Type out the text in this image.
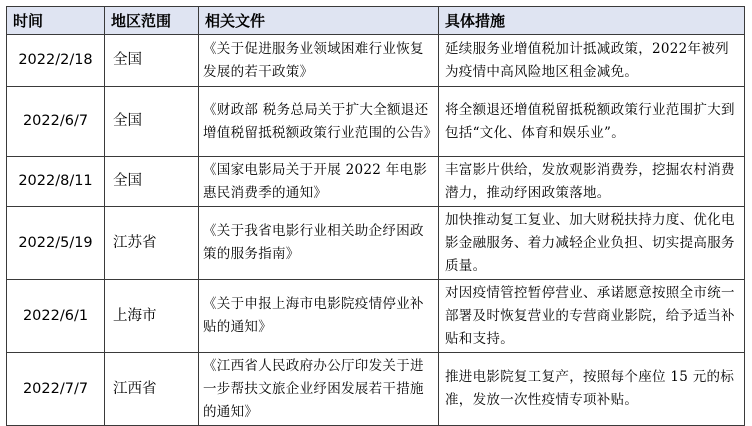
时间	地区范围	相关文件	具体措施
2022/2/18	全国	《关于促进服务业领域困难行业恢复发展的若干政策》	延续服务业增值税加计抵减政策，2022年被列为疫情中高风险地区租金减免。
2022/6/7	全国	《财政部 税务总局关于扩大全额退还增值税留抵税额政策行业范围的公告》	将全额退还增值税留抵税额政策行业范围扩大到包括“文化、体育和娱乐业”。
2022/8/11	全国	《国家电影局关于开展 2022 年电影惠民消费季的通知》	丰富影片供给，发放观影消费券，挖掘农村消费潜力，推动纾困政策落地。
2022/5/19	江苏省	《关于我省电影行业相关助企纾困政策的服务指南》	加快推动复工复业、加大财税扶持力度、优化电影金融服务、着力减轻企业负担、切实提高服务质量。
2022/6/1	上海市	《关于申报上海市电影院疫情停业补贴的通知》	对因疫情管控暂停营业、承诺愿意按照全市统一部署及时恢复营业的专营商业影院，给予适当补贴和支持。
2022/7/7	江西省	《江西省人民政府办公厅印发关于进一步帮扶文旅企业纾困发展若干措施的通知》	推进电影院复工复产，按照每个座位 15 元的标准，发放一次性疫情专项补贴。
